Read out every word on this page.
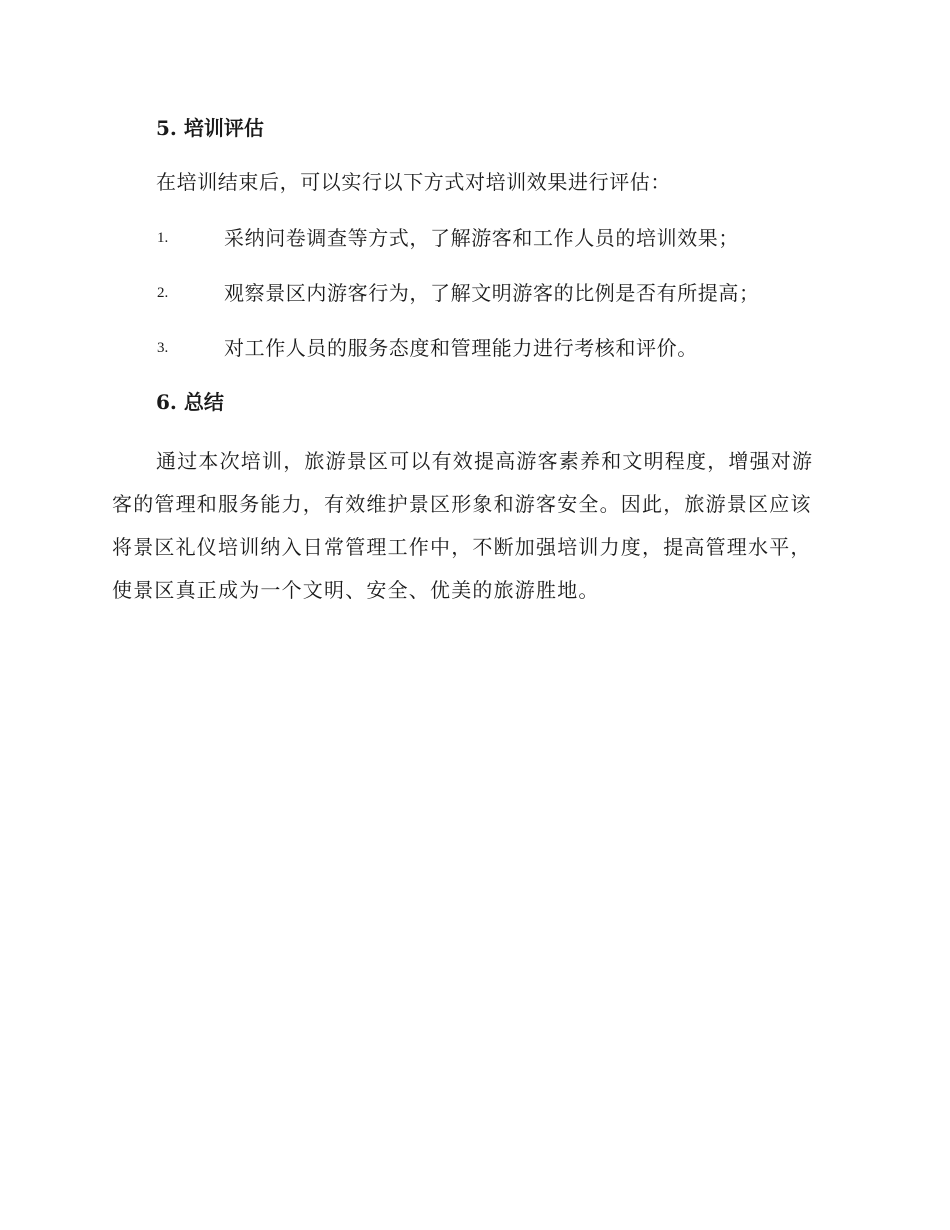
5. 培训评估
在培训结束后，可以实行以下方式对培训效果进行评估：
1.	采纳问卷调查等方式，了解游客和工作人员的培训效果；
2.	观察景区内游客行为，了解文明游客的比例是否有所提高；
3.	对工作人员的服务态度和管理能力进行考核和评价。
6. 总结

通过本次培训，旅游景区可以有效提高游客素养和文明程度，增强对游

客的管理和服务能力，有效维护景区形象和游客安全。因此，旅游景区应该

将景区礼仪培训纳入日常管理工作中，不断加强培训力度，提高管理水平，

使景区真正成为一个文明、安全、优美的旅游胜地。
